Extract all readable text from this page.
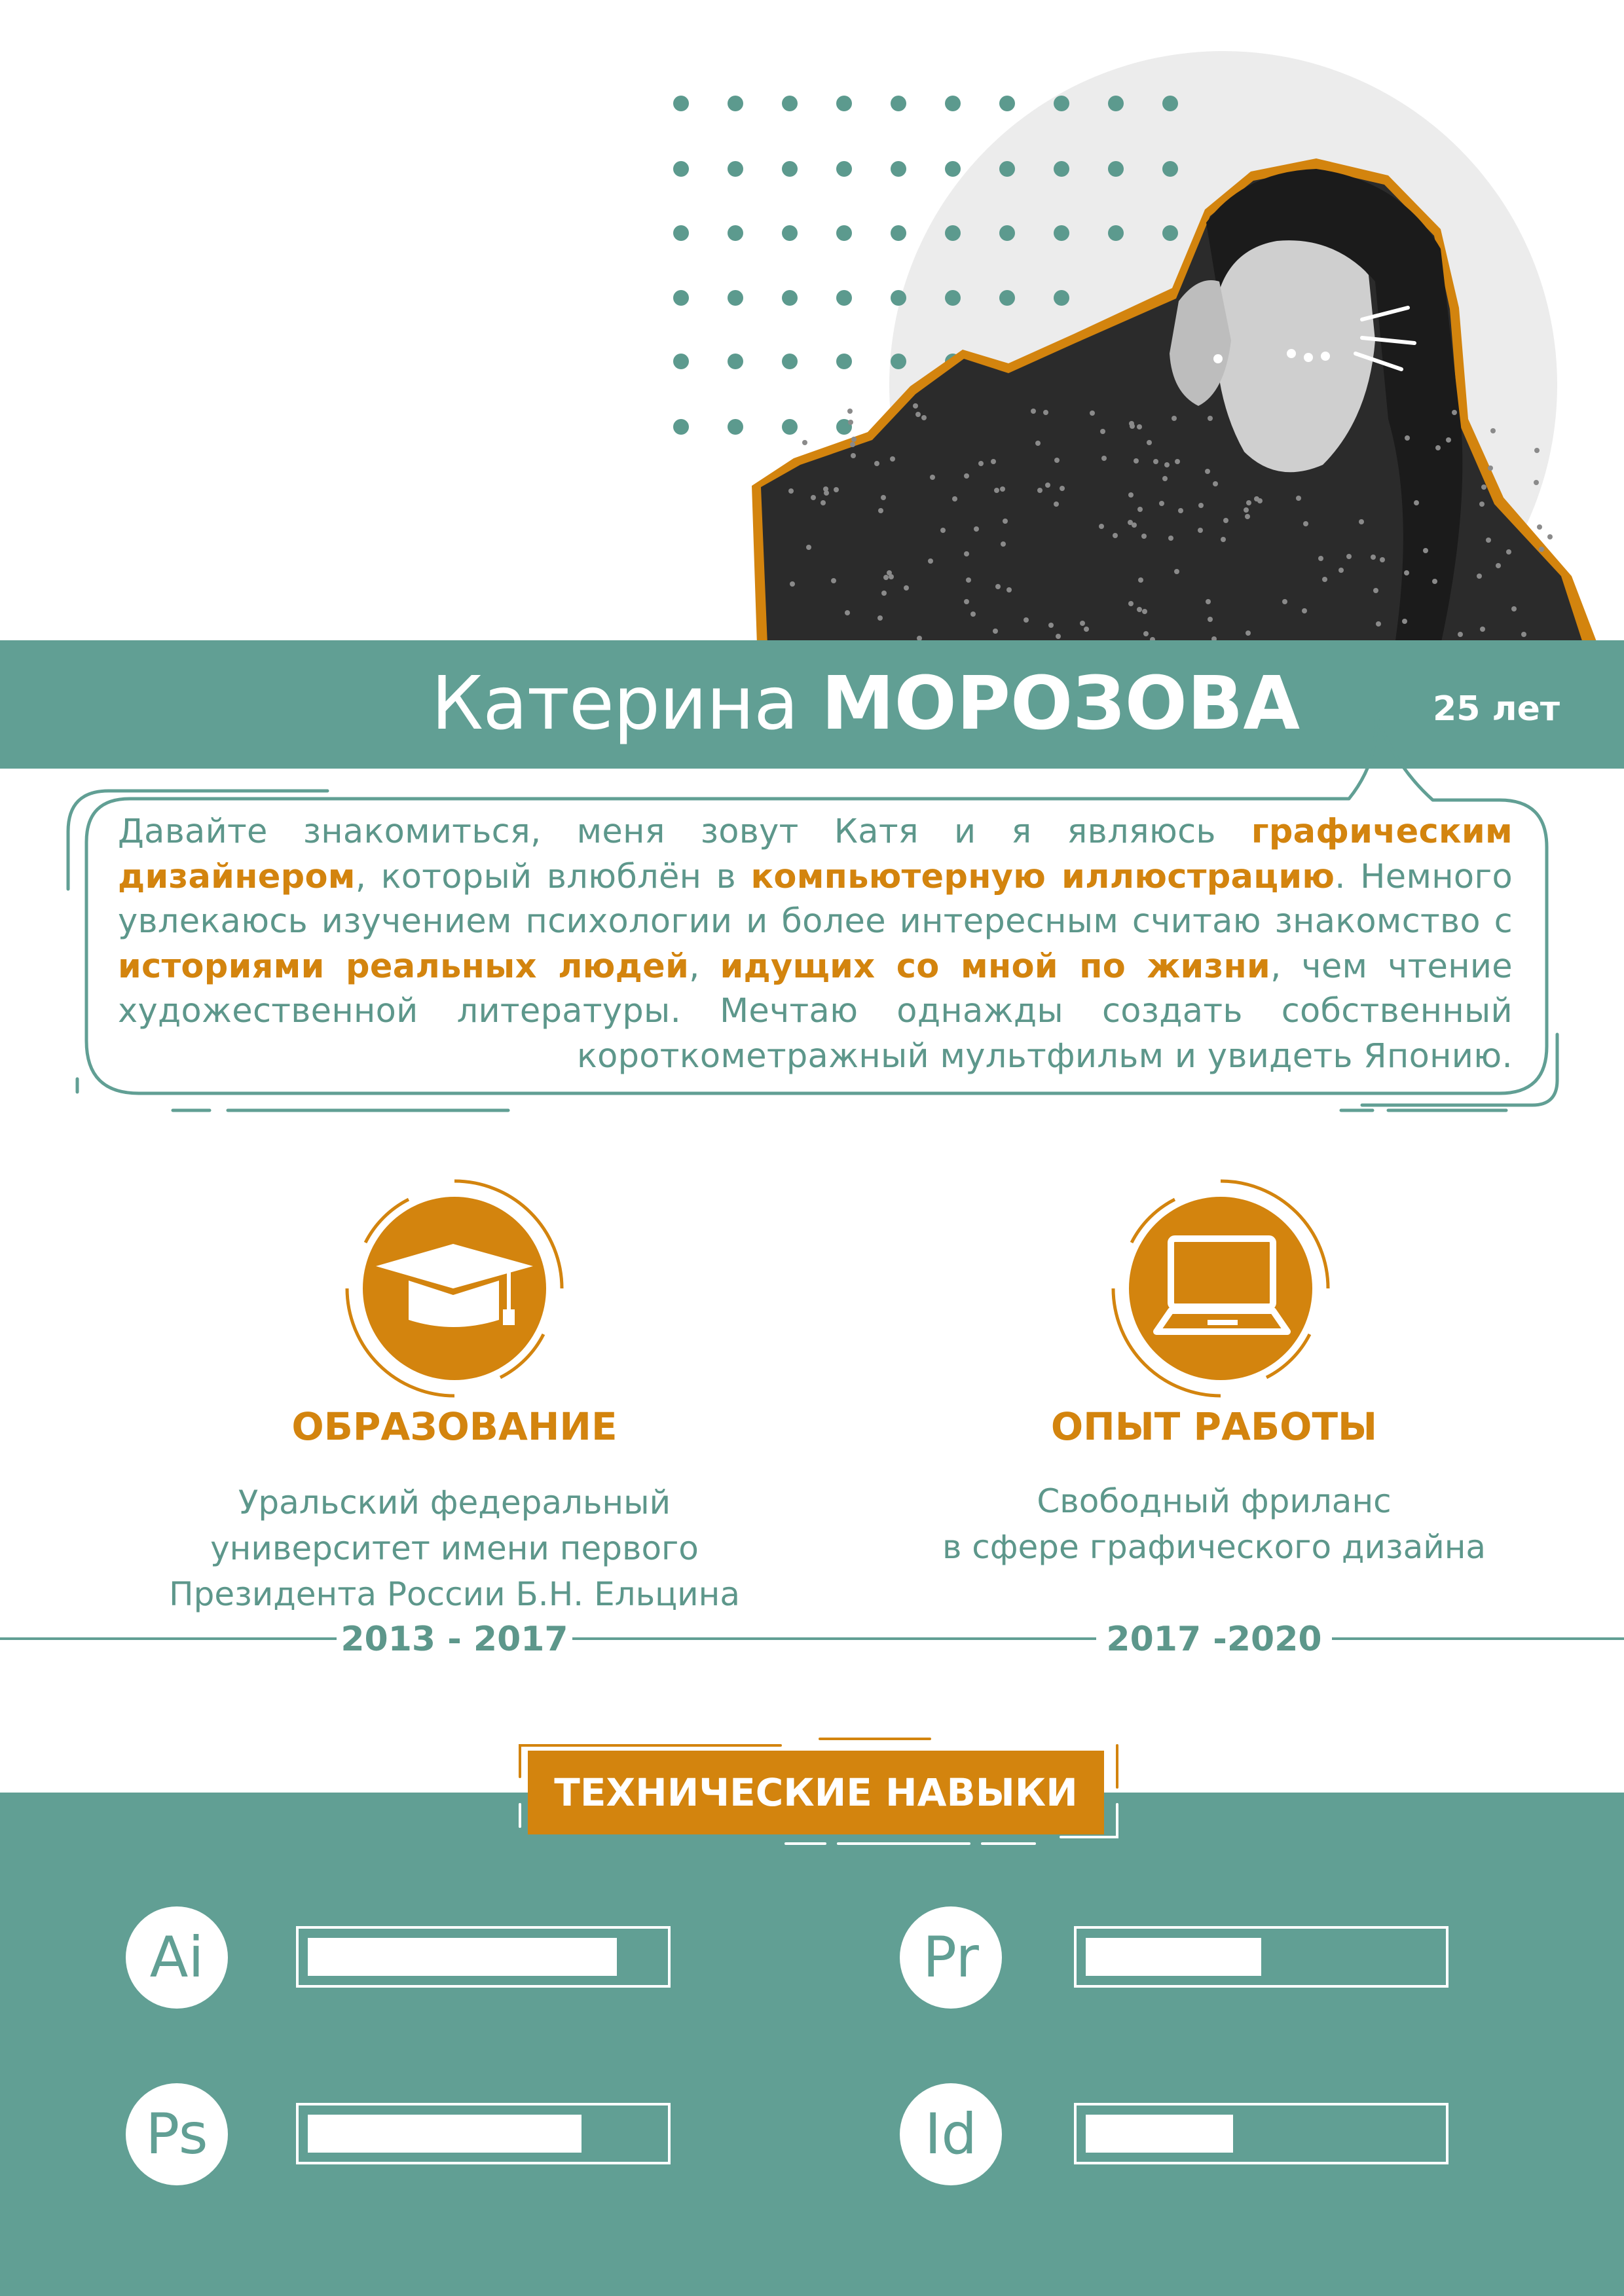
Катерина МОРОЗОВА	25 лет
Давайте знакомиться, меня зовут Катя и я являюсь графическим дизайнером, который влюблён в компьютерную иллюстрацию. Немного увлекаюсь изучением психологии и более интересным считаю знакомство с историями реальных людей, идущих со мной по жизни, чем чтение художественной литературы. Мечтаю однажды создать собственный короткометражный мультфильм и увидеть Японию.
ОБРАЗОВАНИЕ
Уральский федеральный
университет имени первого
Президента России Б.Н. Ельцина
ОПЫТ РАБОТЫ
Свободный фриланс
в сфере графического дизайна
2013 - 2017	2017 -2020
ТЕХНИЧЕСКИЕ НАВЫКИ
Ai	Pr
Ps	Id
